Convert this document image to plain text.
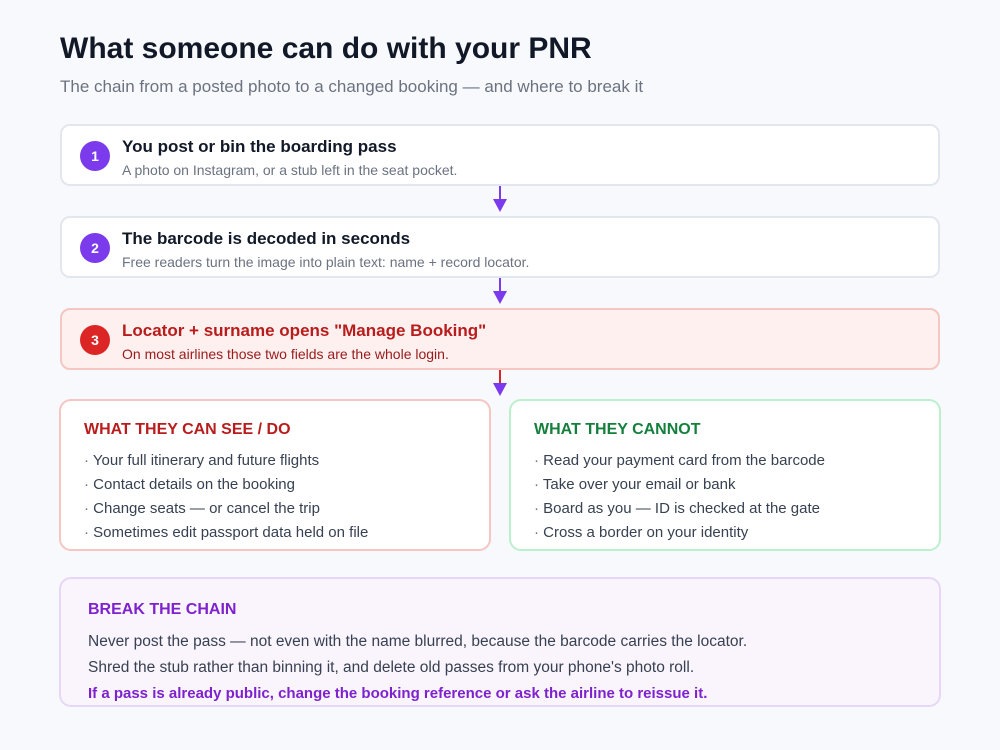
What someone can do with your PNR
The chain from a posted photo to a changed booking — and where to break it
1	You post or bin the boarding pass
A photo on Instagram, or a stub left in the seat pocket.
2	The barcode is decoded in seconds
Free readers turn the image into plain text: name + record locator.
3	Locator + surname opens "Manage Booking"
On most airlines those two fields are the whole login.
WHAT THEY CAN SEE / DO
· Your full itinerary and future flights
· Contact details on the booking
· Change seats — or cancel the trip
· Sometimes edit passport data held on file
WHAT THEY CANNOT
· Read your payment card from the barcode
· Take over your email or bank
· Board as you — ID is checked at the gate
· Cross a border on your identity
BREAK THE CHAIN
Never post the pass — not even with the name blurred, because the barcode carries the locator.
Shred the stub rather than binning it, and delete old passes from your phone's photo roll.
If a pass is already public, change the booking reference or ask the airline to reissue it.
